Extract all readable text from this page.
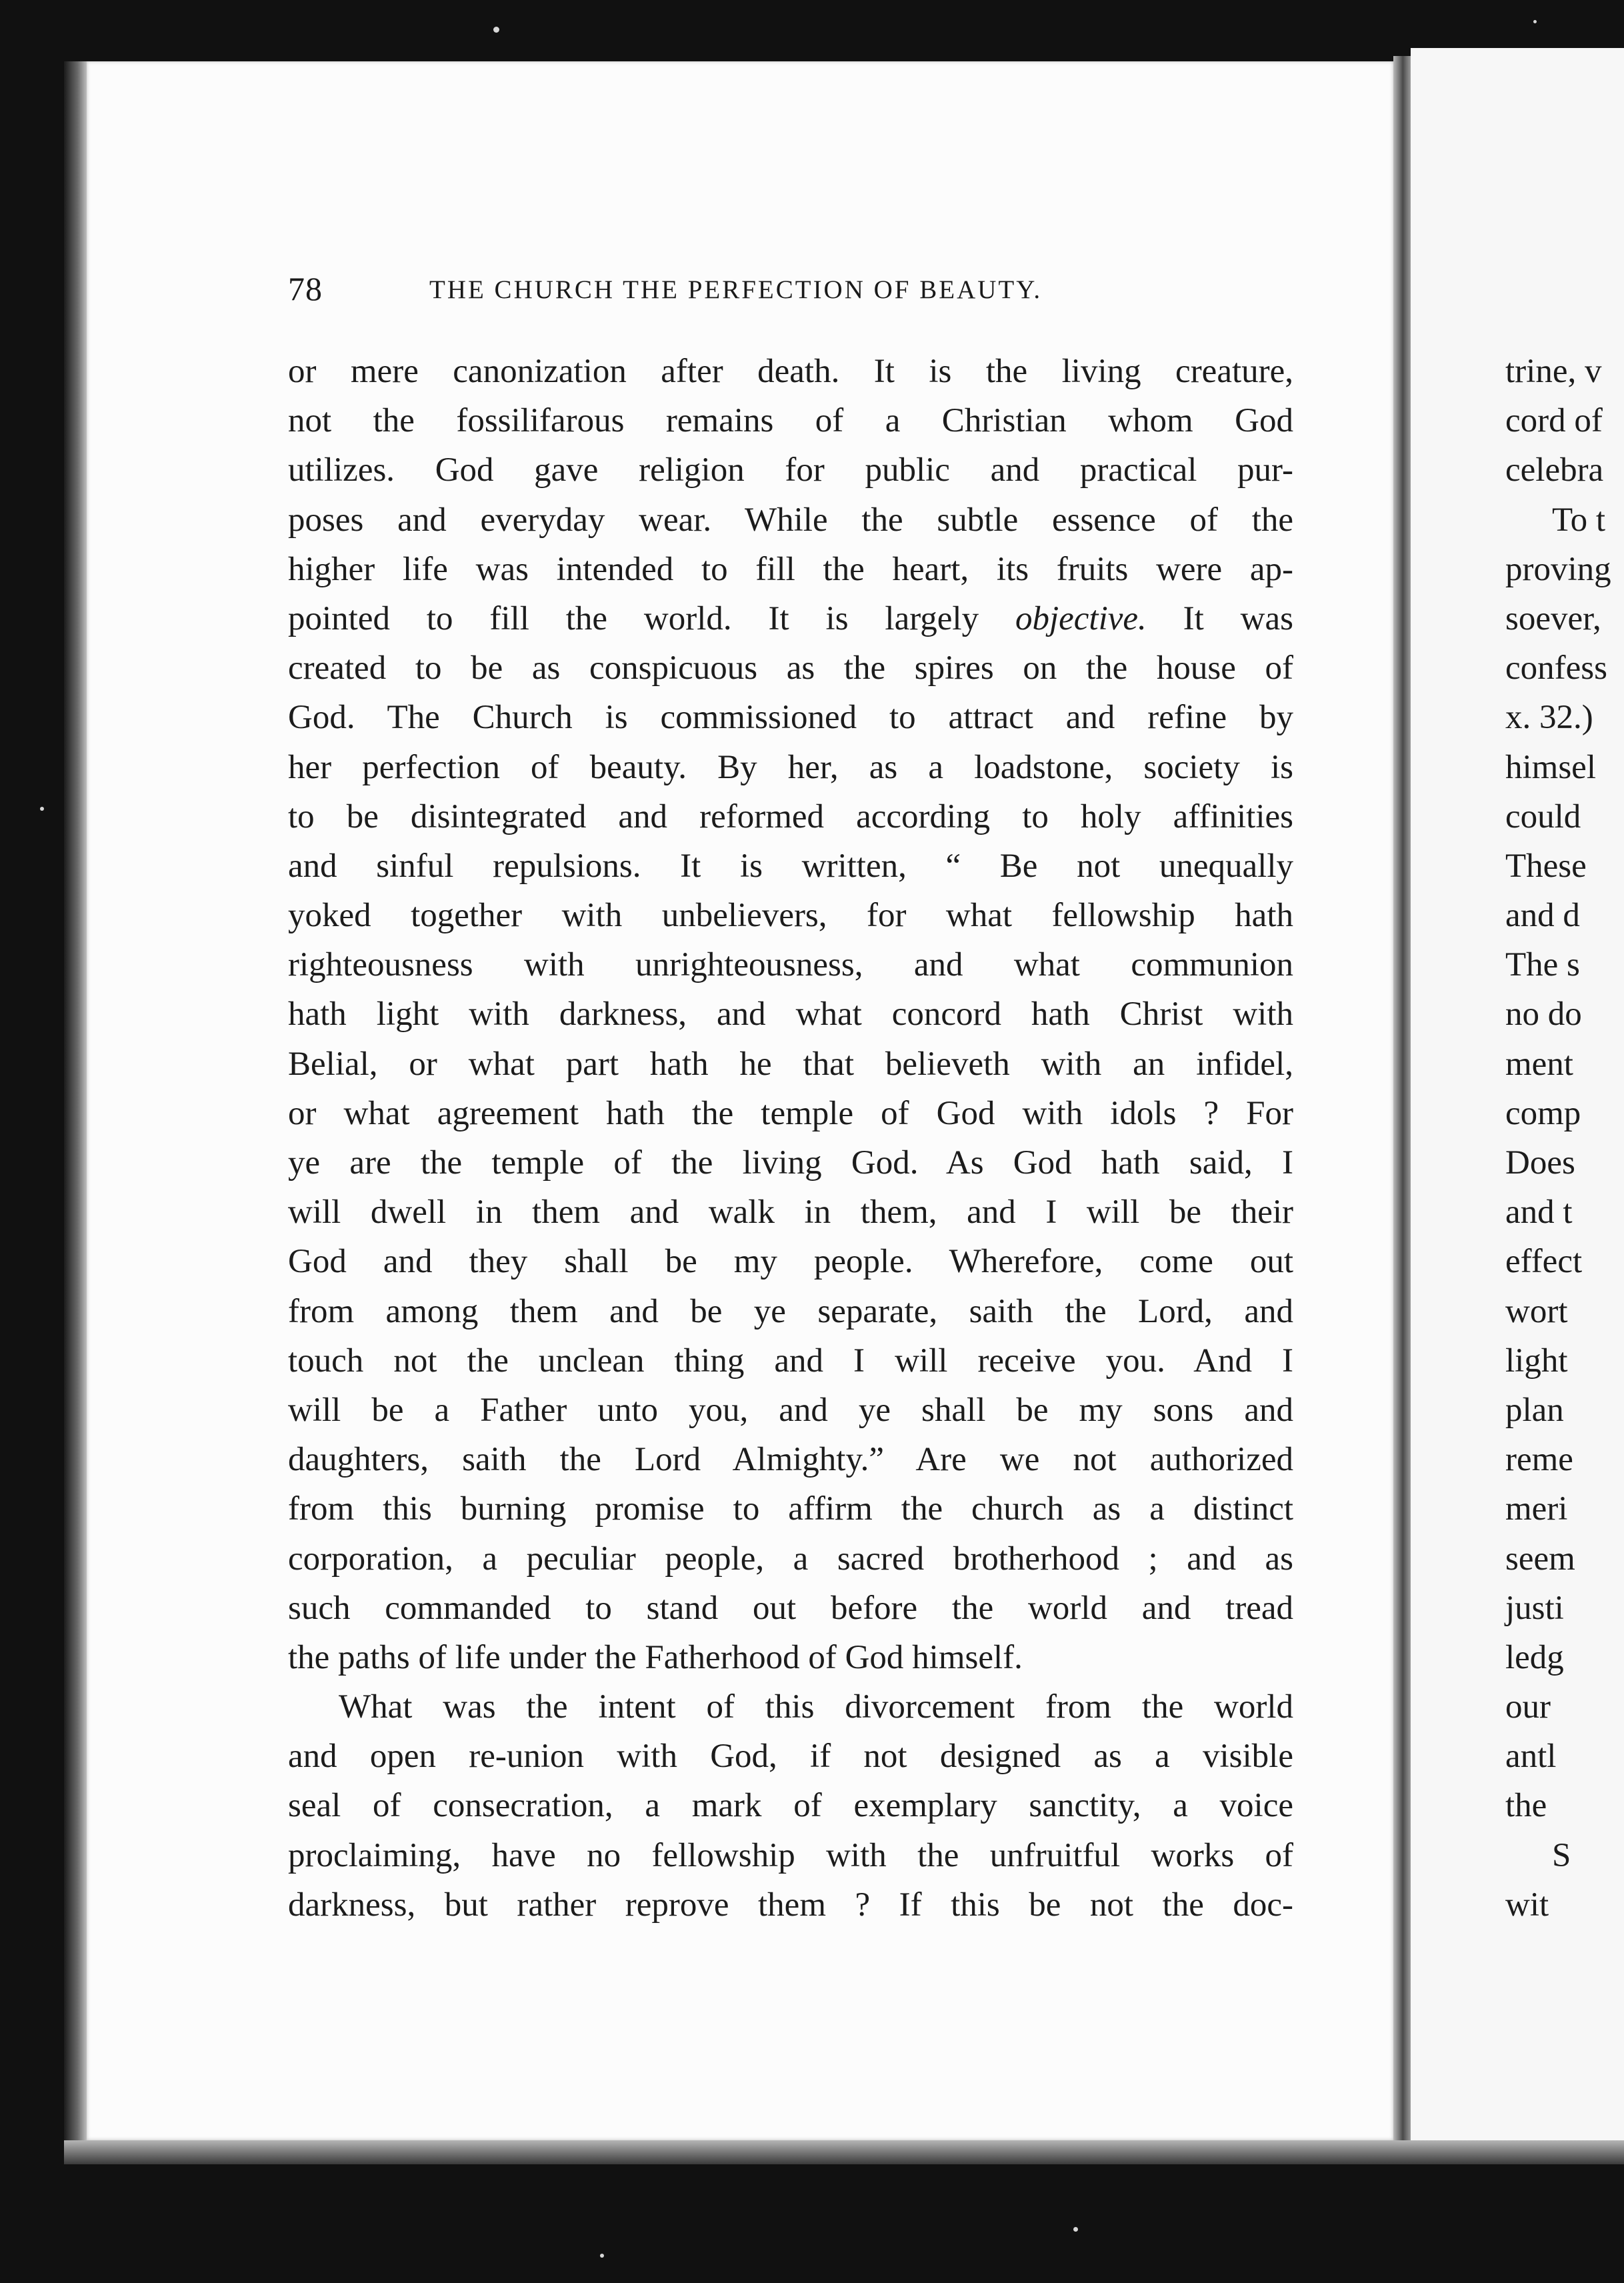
78	THE CHURCH THE PERFECTION OF BEAUTY.
or mere canonization after death. It is the living creature,
not the fossilifarous remains of a Christian whom God
utilizes. God gave religion for public and practical pur-
poses and everyday wear. While the subtle essence of the
higher life was intended to fill the heart, its fruits were ap-
pointed to fill the world. It is largely objective. It was
created to be as conspicuous as the spires on the house of
God. The Church is commissioned to attract and refine by
her perfection of beauty. By her, as a loadstone, society is
to be disintegrated and reformed according to holy affinities
and sinful repulsions. It is written, “ Be not unequally
yoked together with unbelievers, for what fellowship hath
righteousness with unrighteousness, and what communion
hath light with darkness, and what concord hath Christ with
Belial, or what part hath he that believeth with an infidel,
or what agreement hath the temple of God with idols ? For
ye are the temple of the living God. As God hath said, I
will dwell in them and walk in them, and I will be their
God and they shall be my people. Wherefore, come out
from among them and be ye separate, saith the Lord, and
touch not the unclean thing and I will receive you. And I
will be a Father unto you, and ye shall be my sons and
daughters, saith the Lord Almighty.” Are we not authorized
from this burning promise to affirm the church as a distinct
corporation, a peculiar people, a sacred brotherhood ; and as
such commanded to stand out before the world and tread
the paths of life under the Fatherhood of God himself.
What was the intent of this divorcement from the world
and open re-union with God, if not designed as a visible
seal of consecration, a mark of exemplary sanctity, a voice
proclaiming, have no fellowship with the unfruitful works of
darkness, but rather reprove them ? If this be not the doc-
trine, v
cord of
celebra
To t
proving
soever,
confess
x. 32.)
himsel
could
These
and d
The s
no do
ment
comp
Does
and t
effect
wort
light
plan
reme
meri
seem
justi
ledg
our
antl
the
S
wit
